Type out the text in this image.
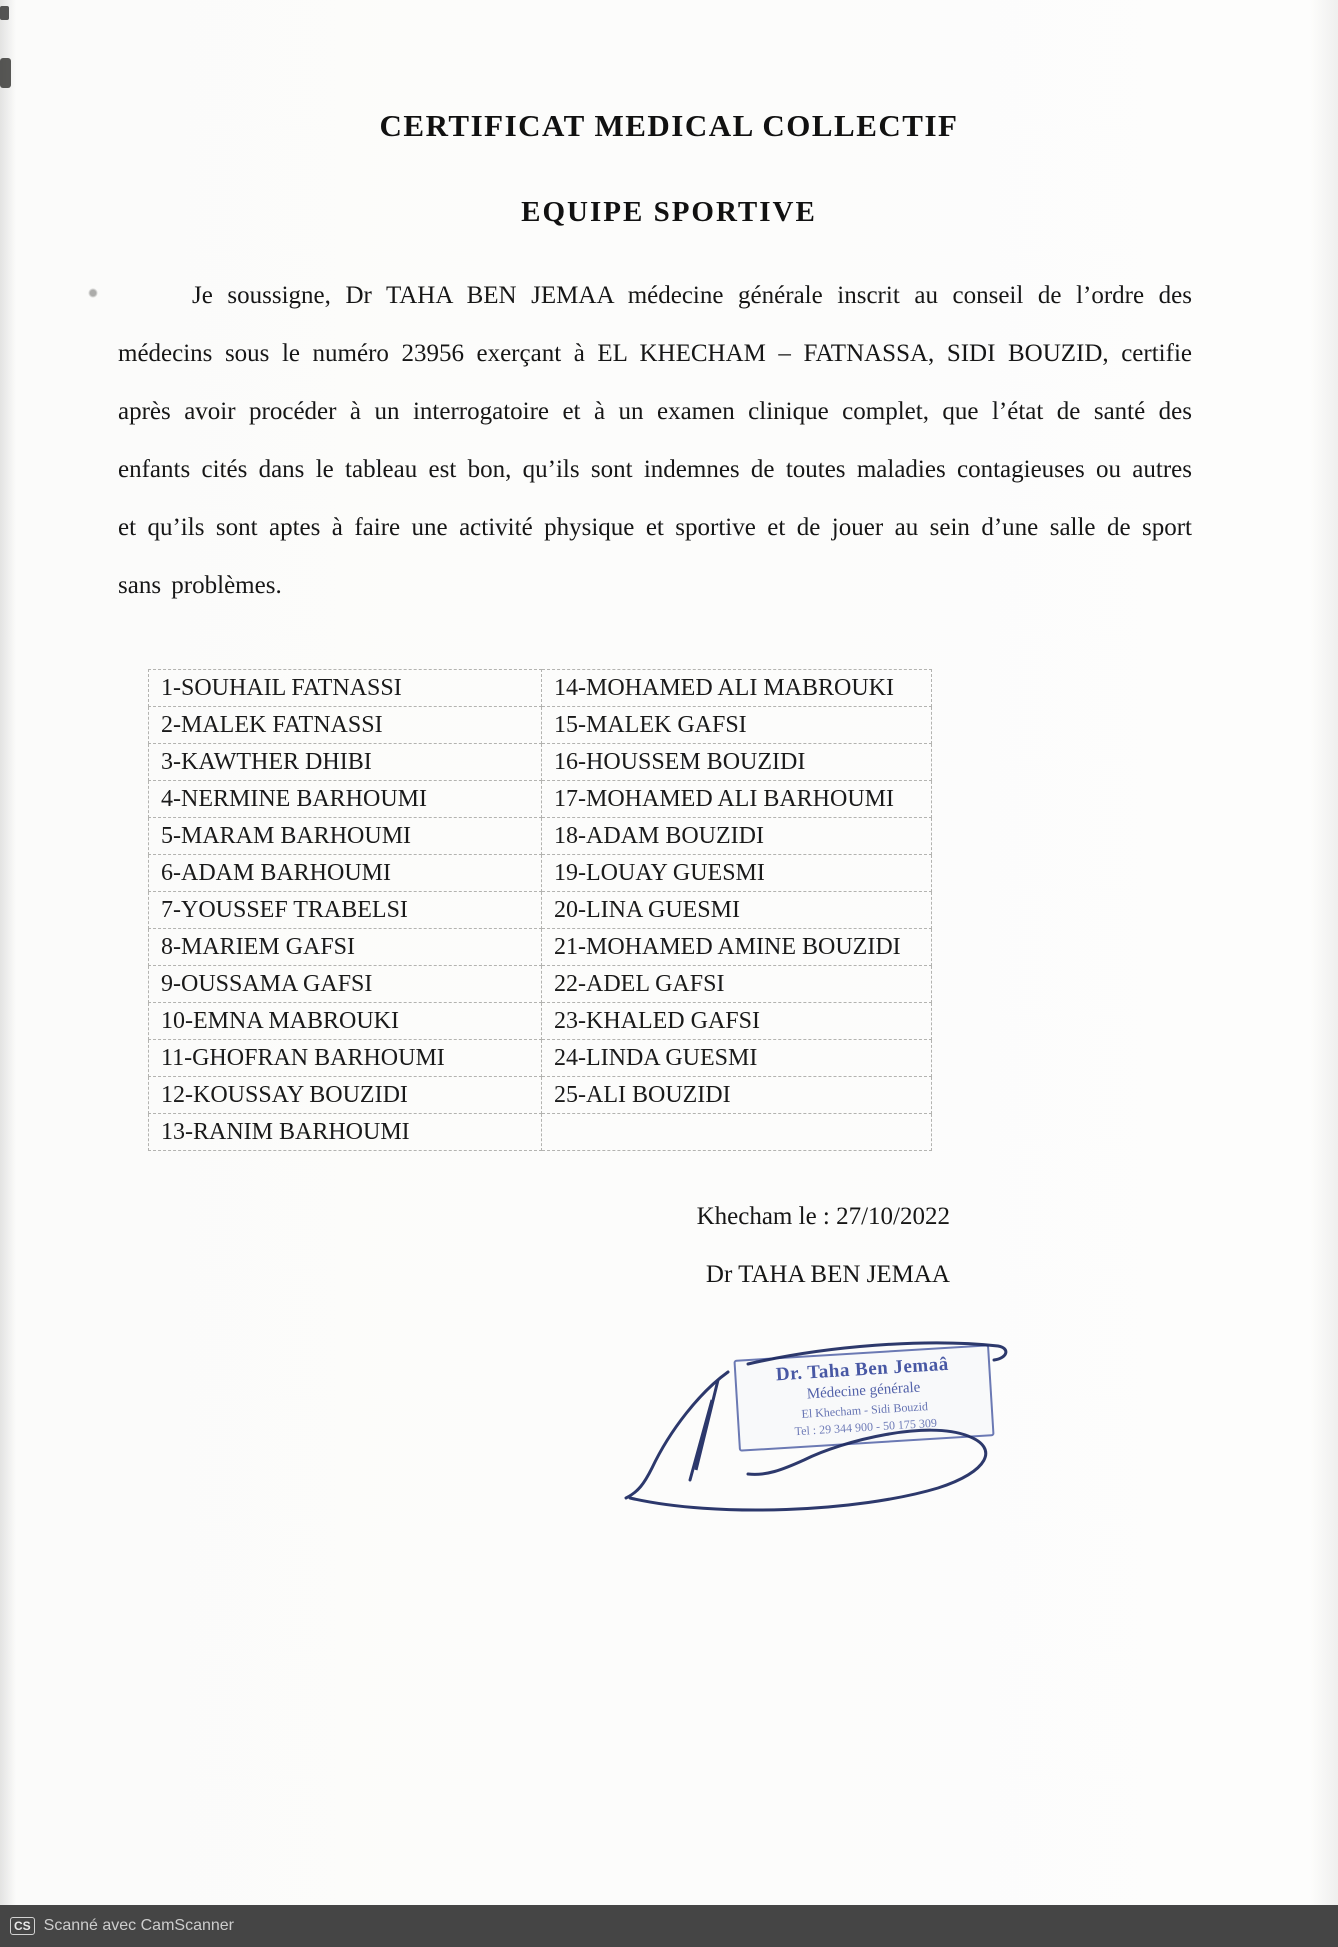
CERTIFICAT MEDICAL COLLECTIF
EQUIPE SPORTIVE
Je soussigne, Dr TAHA BEN JEMAA médecine générale inscrit au conseil de l’ordre des médecins sous le numéro 23956 exerçant à EL KHECHAM – FATNASSA, SIDI BOUZID, certifie après avoir procéder à un interrogatoire et à un examen clinique complet, que l’état de santé des enfants cités dans le tableau est bon, qu’ils sont indemnes de toutes maladies contagieuses ou autres et qu’ils sont aptes à faire une activité physique et sportive et de jouer au sein d’une salle de sport sans problèmes.
1-SOUHAIL FATNASSI	14-MOHAMED ALI MABROUKI
2-MALEK FATNASSI	15-MALEK GAFSI
3-KAWTHER DHIBI	16-HOUSSEM BOUZIDI
4-NERMINE BARHOUMI	17-MOHAMED ALI BARHOUMI
5-MARAM BARHOUMI	18-ADAM BOUZIDI
6-ADAM BARHOUMI	19-LOUAY GUESMI
7-YOUSSEF TRABELSI	20-LINA GUESMI
8-MARIEM GAFSI	21-MOHAMED AMINE BOUZIDI
9-OUSSAMA GAFSI	22-ADEL GAFSI
10-EMNA MABROUKI	23-KHALED GAFSI
11-GHOFRAN BARHOUMI	24-LINDA GUESMI
12-KOUSSAY BOUZIDI	25-ALI BOUZIDI
13-RANIM BARHOUMI	
Khecham le : 27/10/2022
Dr TAHA BEN JEMAA
Dr. Taha Ben Jemaâ
Médecine générale
El Khecham - Sidi Bouzid
Tel : 29 344 900 - 50 175 309
CS Scanné avec CamScanner
